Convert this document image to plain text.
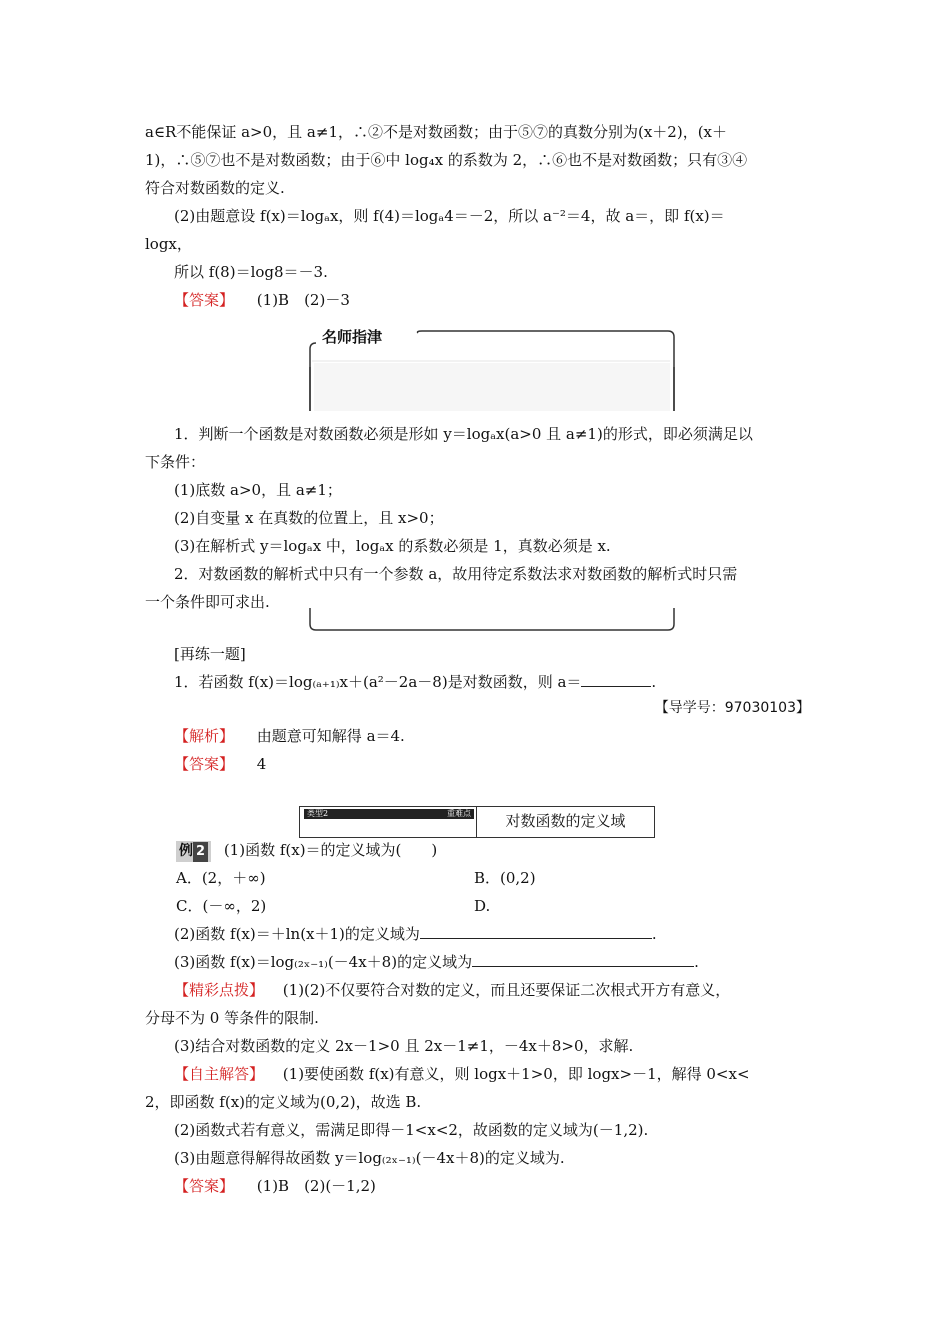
a∈R不能保证 a>0，且 a≠1，∴②不是对数函数；由于⑤⑦的真数分别为(x＋2)，(x＋
1)，∴⑤⑦也不是对数函数；由于⑥中 log₄x 的系数为 2，∴⑥也不是对数函数；只有③④
符合对数函数的定义.
(2)由题意设 f(x)＝logₐx，则 f(4)＝logₐ4＝－2，所以 a⁻²＝4，故 a＝，即 f(x)＝
logx，
所以 f(8)＝log8＝－3.
【答案】 (1)B　(2)－3
名师指津
1．判断一个函数是对数函数必须是形如 y＝logₐx(a>0 且 a≠1)的形式，即必须满足以
下条件：
(1)底数 a>0，且 a≠1；
(2)自变量 x 在真数的位置上，且 x>0；
(3)在解析式 y＝logₐx 中，logₐx 的系数必须是 1，真数必须是 x.
2．对数函数的解析式中只有一个参数 a，故用待定系数法求对数函数的解析式时只需
一个条件即可求出.
[再练一题]
1．若函数 f(x)＝log₍ₐ₊₁₎x＋(a²－2a－8)是对数函数，则 a＝	.
【导学号：97030103】
【解析】 由题意可知解得 a＝4.
【答案】 4
类型2	重难点	对数函数的定义域
例 2 (1)函数 f(x)＝的定义域为(　　)
A．(2，＋∞)	B．(0,2)
C．(－∞，2)	D.
(2)函数 f(x)＝＋ln(x＋1)的定义域为	.
(3)函数 f(x)＝log₍₂ₓ₋₁₎(－4x＋8)的定义域为	.
【精彩点拨】 (1)(2)不仅要符合对数的定义，而且还要保证二次根式开方有意义，
分母不为 0 等条件的限制.
(3)结合对数函数的定义 2x－1>0 且 2x－1≠1，－4x＋8>0，求解.
【自主解答】 (1)要使函数 f(x)有意义，则 logx＋1>0，即 logx>－1，解得 0<x<
2，即函数 f(x)的定义域为(0,2)，故选 B.
(2)函数式若有意义，需满足即得－1<x<2，故函数的定义域为(－1,2).
(3)由题意得解得故函数 y＝log₍₂ₓ₋₁₎(－4x＋8)的定义域为.
【答案】 (1)B　(2)(－1,2)
